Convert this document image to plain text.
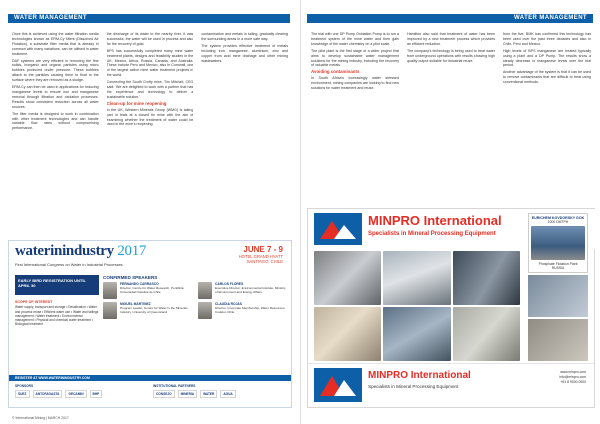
WATER MANAGEMENT

Once this is achieved using the water filtration media technologies known as ERM-Cy filters (Dissolved Air Flotation), a substrate filter media that is already in common with many variations, can be utilised in water treatment.

DAF systems are very efficient in removing the fine solids, inorganic and organic particles using micro bubbles produced under pressure. These bubbles attach to the particles causing them to float to the surface where they are removed as a sludge.

ERM-Cy can then be used in applications for reducing manganese levels to ensure iron and manganese removal through filtration and oxidation processes. Results show consistent reduction across all water sources.

The filter media is designed to work in combination with other treatment technologies and can handle variable flow rates without compromising performance.

the discharge of its water to the nearby river. It was successful, the water will be used in process and also for the recovery of gold.

BPS has successfully completed many mine water treatment plants, designs and feasibility studies in the UK, Mexico, Africa, Russia, Canada, and Australia. These include Peru and Mexico, also in Cornwall, one of the largest active mine water treatment projects in the world.

Connecting the South Crofty mine, Tim Mitchell, CEO said: 'We are delighted to work with a partner that has the experience and technology to deliver a sustainable solution.'

Clean-up for mine reopening

In the UK, Western Minerals Group (WMG) is taking part in trials at a closed tin mine with the aim of examining whether the treatment of water could be used in the mine's reopening.

contamination and metals in tailing, gradually clearing the surrounding areas in a more safe way.

The system provides effective treatment of metals including iron, manganese, aluminium, zinc and copper from acid mine drainage and other mining wastewaters.

waterinindustry 2017
First International Congress on Water in Industrial Processes
JUNE 7 - 9
HOTEL GRAND HYATT
SANTIAGO, CHILE
EARLY BIRD REGISTRATION UNTIL APRIL 30
SCOPE OF INTEREST
Water supply, transport and storage • Desalination • Water and process reuse • Efficient water use • Water and tailings management • Water treatment • Environmental management • Physical and chemical water treatment • Biological treatment
CONFIRMED SPEAKERS
FERNANDO CARRASCO
Director, Centre for Water Research, Pontificia Universidad Catolica de Chile
CARLOS FLORES
Executive Director, Environmental Institute, Ministry of Environment and Energy Affairs
MIGUEL MARTINEZ
Program Leader, Centre for Water in the Minerals Industry, University of Queensland
CLAUDIA ROJAS
Director, Corporate Membership, Water Resources, Codelco Chile
REGISTER AT WWW.WATERININDUSTRY.COM
SPONSORS
SUEZ	ANTOFAGASTA	GECAMIN	BHP
INSTITUTIONAL PARTNERS
CONSEJO	MINERIA	WATER	AGUA
© International Mining | MARCH 2017
WATER MANAGEMENT

The trial with one DP Pump Oxidation Pump is to run a treatment system of the mine water and then gain knowledge of the water chemistry on a pilot scale.

The pilot plant is the first stage of a wider project that aims to develop sustainable water management solutions for the mining industry, including the recovery of valuable metals.

Avoiding contaminants

In South Africa's increasingly water stressed environment, mining companies are looking to find new solutions for water treatment and reuse.

Hamilton also said that treatment of water has been improved by a new treatment process which provides an efficient reduction.

The company's technology is being used to treat water from underground operations with results showing high quality output suitable for industrial reuse.

from the five, BMK has confirmed this technology has been used over the past three decades and also in Chile, Peru and Mexico.

High levels of BPS manganese are treated typically using a plant and a DP Pump. The results show a steady decrease in manganese levels over the trial period.

Another advantage of the system is that it can be used to remove contaminants that are difficult to treat using conventional methods.

MINPRO International
Specialists in Mineral Processing Equipment
EURICHEM KOVDORSKY GOK
1000 DMTPH
Phosphate Flotation Plant
RUSSIA
MINPRO International
Specialists in Mineral Processing Equipment
www.minpro.com
info@minpro.com
+61 8 9000 0000
